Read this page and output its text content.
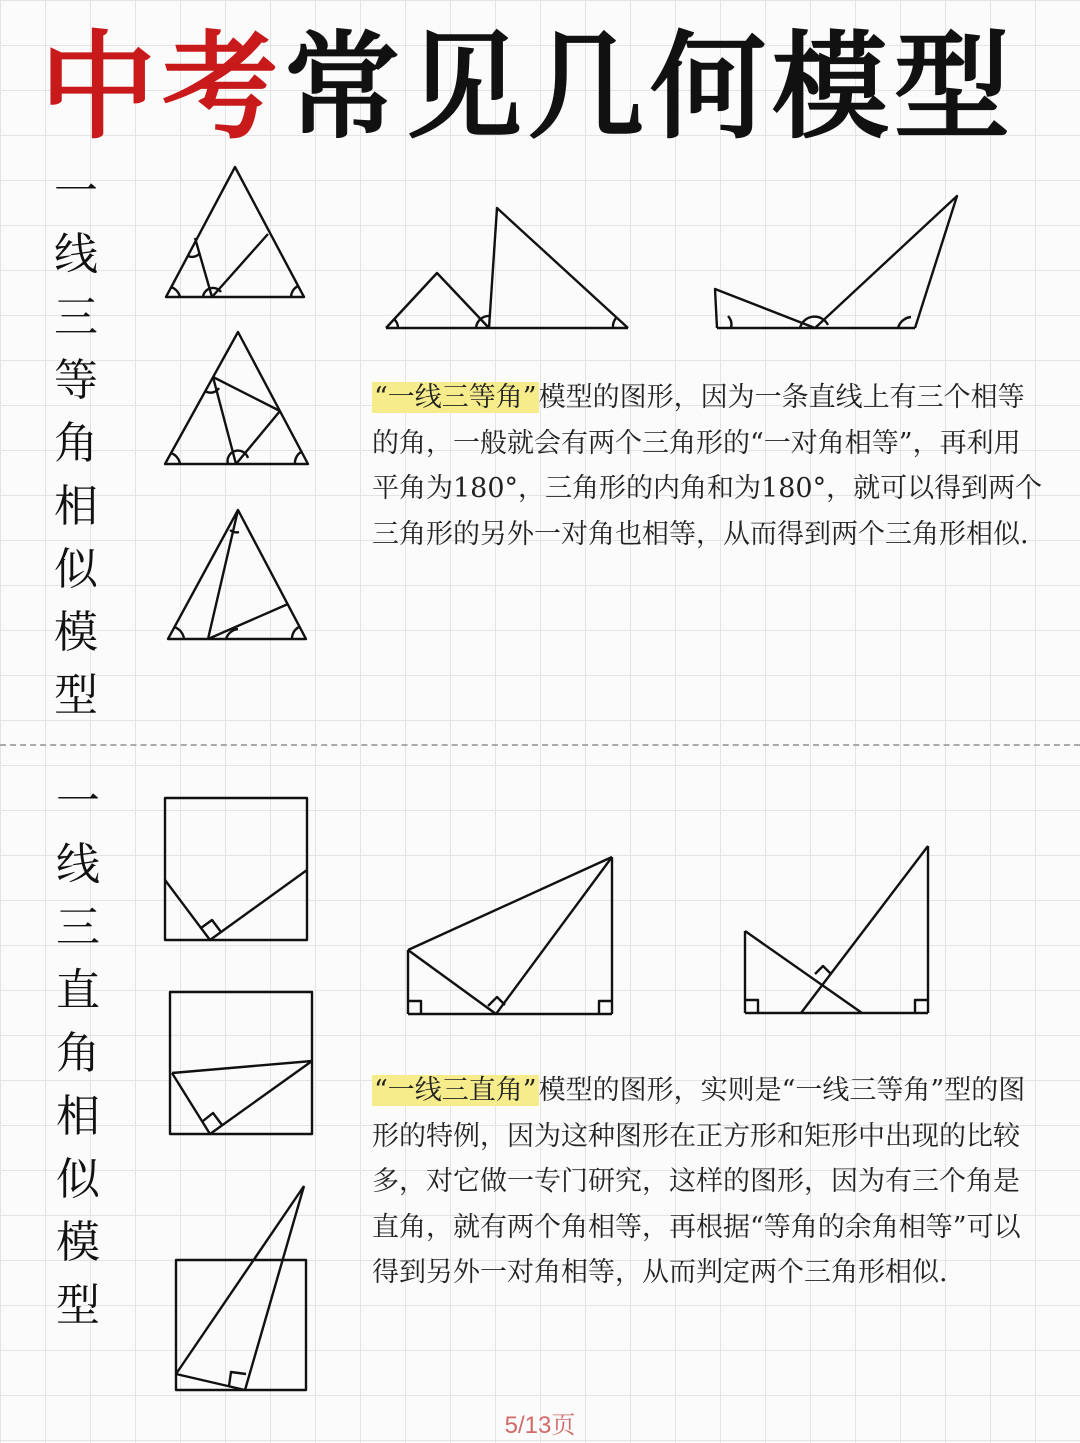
中考常见几何模型
一
线
三
等
角
相
似
模
型
“一线三等角”模型的图形，因为一条直线上有三个相等的角，一般就会有两个三角形的“一对角相等”，再利用平角为180°，三角形的内角和为180°，就可以得到两个三角形的另外一对角也相等，从而得到两个三角形相似.
一
线
三
直
角
相
似
模
型
“一线三直角”模型的图形，实则是“一线三等角”型的图形的特例，因为这种图形在正方形和矩形中出现的比较多，对它做一专门研究，这样的图形，因为有三个角是直角，就有两个角相等，再根据“等角的余角相等”可以得到另外一对角相等，从而判定两个三角形相似.
5/13页
